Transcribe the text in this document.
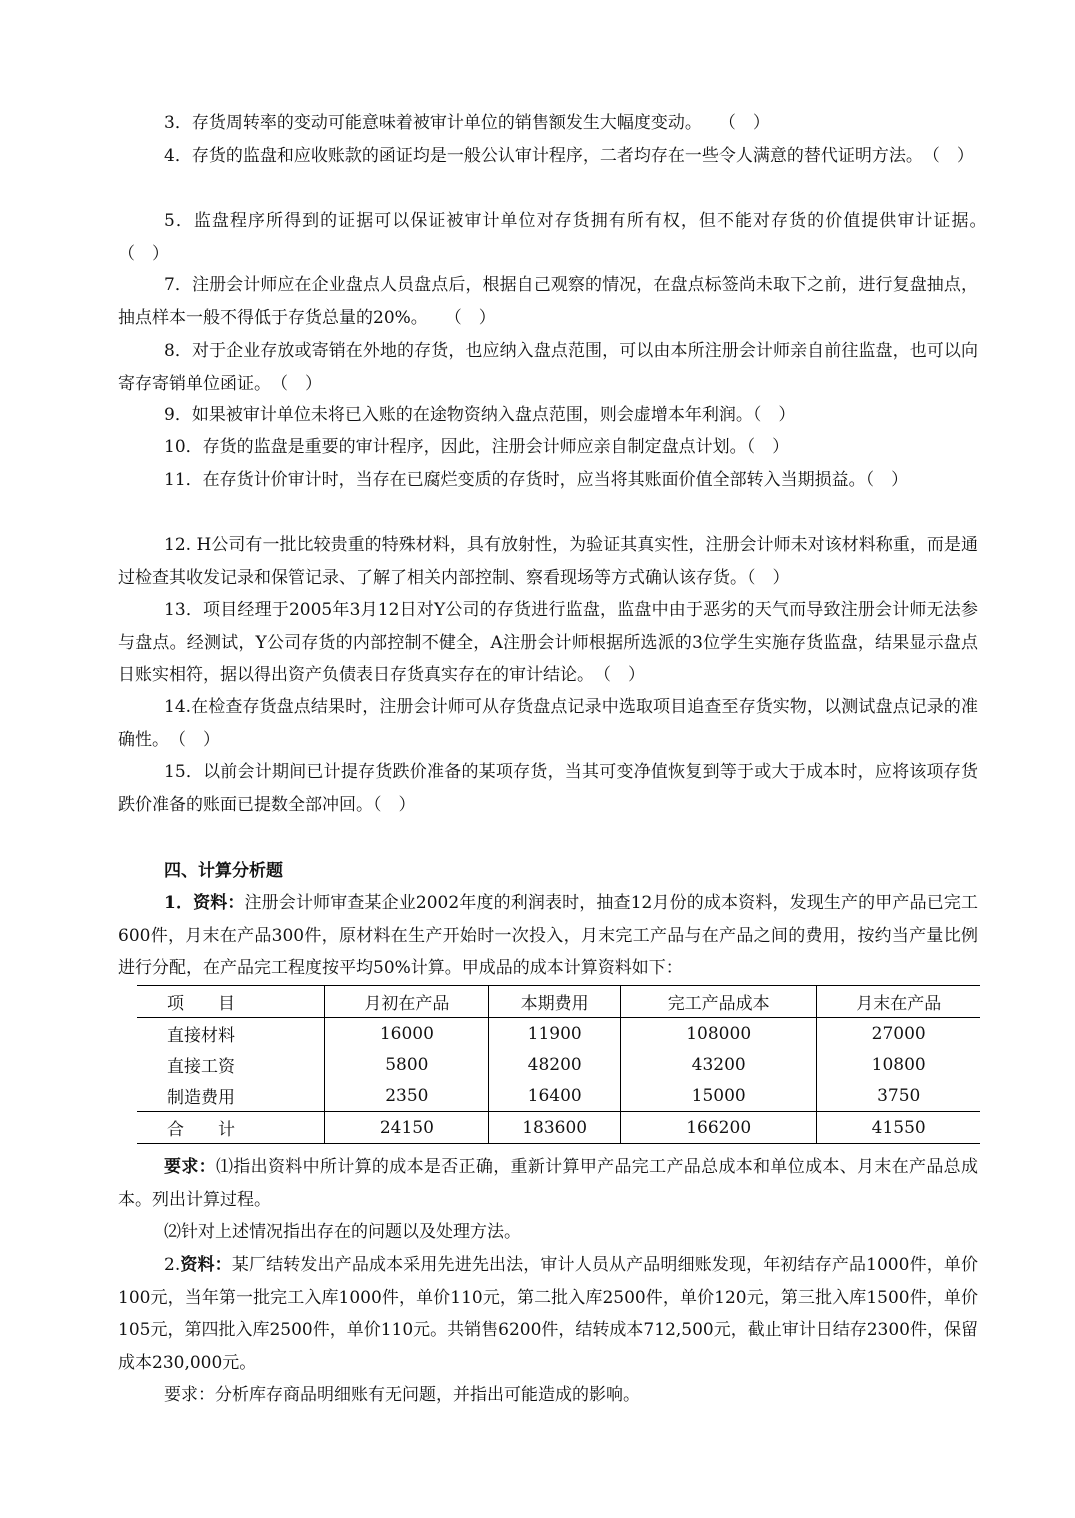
3．存货周转率的变动可能意味着被审计单位的销售额发生大幅度变动。　　（　）

4．存货的监盘和应收账款的函证均是一般公认审计程序，二者均存在一些令人满意的替代证明方法。　（　）

5．监盘程序所得到的证据可以保证被审计单位对存货拥有所有权，但不能对存货的价值提供审计证据。　（　）

7．注册会计师应在企业盘点人员盘点后，根据自己观察的情况，在盘点标签尚未取下之前，进行复盘抽点，抽点样本一般不得低于存货总量的20%。　　（　）

8．对于企业存放或寄销在外地的存货，也应纳入盘点范围，可以由本所注册会计师亲自前往监盘，也可以向寄存寄销单位函证。　（　）

9．如果被审计单位未将已入账的在途物资纳入盘点范围，则会虚增本年利润。（　）

10．存货的监盘是重要的审计程序，因此，注册会计师应亲自制定盘点计划。（　）

11．在存货计价审计时，当存在已腐烂变质的存货时，应当将其账面价值全部转入当期损益。（　）

12. H公司有一批比较贵重的特殊材料，具有放射性，为验证其真实性，注册会计师未对该材料称重，而是通过检查其收发记录和保管记录、了解了相关内部控制、察看现场等方式确认该存货。（　）

13．项目经理于2005年3月12日对Y公司的存货进行监盘，监盘中由于恶劣的天气而导致注册会计师无法参与盘点。经测试，Y公司存货的内部控制不健全，A注册会计师根据所选派的3位学生实施存货监盘，结果显示盘点日账实相符，据以得出资产负债表日存货真实存在的审计结论。　（　）

14.在检查存货盘点结果时，注册会计师可从存货盘点记录中选取项目追查至存货实物，以测试盘点记录的准确性。　（　）

15．以前会计期间已计提存货跌价准备的某项存货，当其可变净值恢复到等于或大于成本时，应将该项存货跌价准备的账面已提数全部冲回。（　）

四、计算分析题

1．资料：注册会计师审查某企业2002年度的利润表时，抽查12月份的成本资料，发现生产的甲产品已完工 600件，月末在产品300件，原材料在生产开始时一次投入，月末完工产品与在产品之间的费用，按约当产量比例进行分配，在产品完工程度按平均50%计算。甲成品的成本计算资料如下：

项　　目	月初在产品	本期费用	完工产品成本	月末在产品
直接材料	16000	11900	108000	27000
直接工资	5800	48200	43200	10800
制造费用	2350	16400	15000	3750
合　　计	24150	183600	166200	41550

要求：⑴指出资料中所计算的成本是否正确，重新计算甲产品完工产品总成本和单位成本、月末在产品总成本。列出计算过程。

⑵针对上述情况指出存在的问题以及处理方法。

2.资料：某厂结转发出产品成本采用先进先出法，审计人员从产品明细账发现，年初结存产品1000件，单价100元，当年第一批完工入库1000件，单价110元，第二批入库2500件，单价120元，第三批入库1500件，单价105元，第四批入库2500件，单价110元。共销售6200件，结转成本712,500元，截止审计日结存2300件，保留成本230,000元。

要求：分析库存商品明细账有无问题，并指出可能造成的影响。
